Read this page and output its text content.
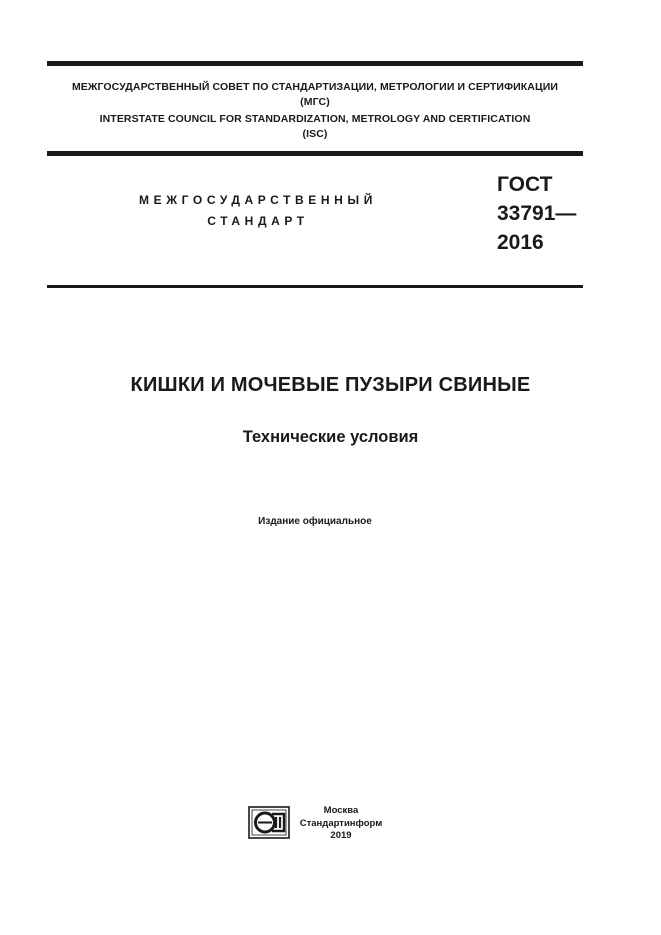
МЕЖГОСУДАРСТВЕННЫЙ СОВЕТ ПО СТАНДАРТИЗАЦИИ, МЕТРОЛОГИИ И СЕРТИФИКАЦИИ
(МГС)
INTERSTATE COUNCIL FOR STANDARDIZATION, METROLOGY AND CERTIFICATION
(ISC)
МЕЖГОСУДАРСТВЕННЫЙ
СТАНДАРТ
ГОСТ
33791—
2016
КИШКИ И МОЧЕВЫЕ ПУЗЫРИ СВИНЫЕ
Технические условия
Издание официальное
Москва
Стандартинформ
2019
